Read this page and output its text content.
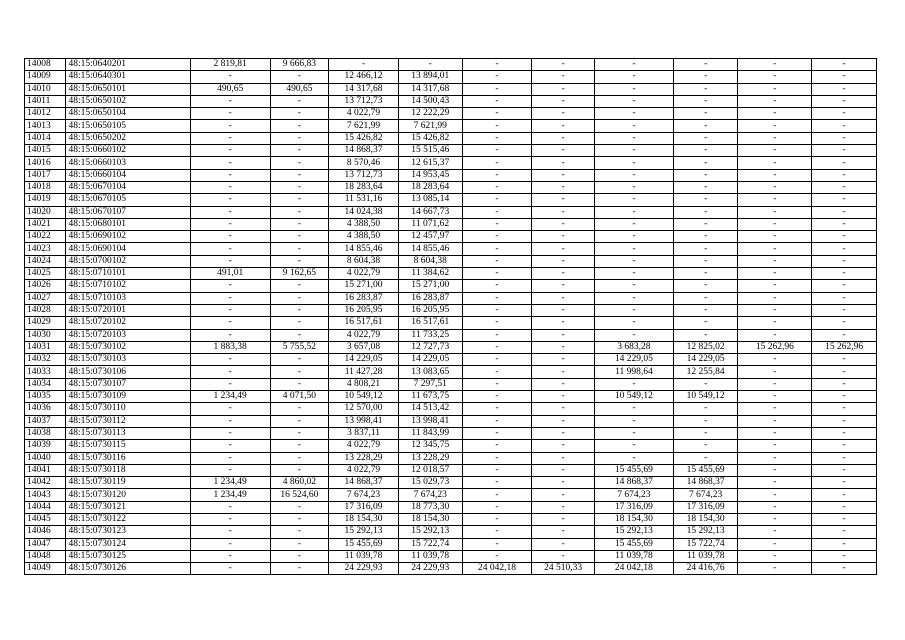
14008	48:15:0640201	2 819,81	9 666,83	-	-	-	-	-	-	-	-
14009	48:15:0640301	-	-	12 466,12	13 894,01	-	-	-	-	-	-
14010	48:15:0650101	490,65	490,65	14 317,68	14 317,68	-	-	-	-	-	-
14011	48:15:0650102	-	-	13 712,73	14 500,43	-	-	-	-	-	-
14012	48:15:0650104	-	-	4 022,79	12 222,29	-	-	-	-	-	-
14013	48:15:0650105	-	-	7 621,99	7 621,99	-	-	-	-	-	-
14014	48:15:0650202	-	-	15 426,82	15 426,82	-	-	-	-	-	-
14015	48:15:0660102	-	-	14 868,37	15 515,46	-	-	-	-	-	-
14016	48:15:0660103	-	-	8 570,46	12 615,37	-	-	-	-	-	-
14017	48:15:0660104	-	-	13 712,73	14 953,45	-	-	-	-	-	-
14018	48:15:0670104	-	-	18 283,64	18 283,64	-	-	-	-	-	-
14019	48:15:0670105	-	-	11 531,16	13 085,14	-	-	-	-	-	-
14020	48:15:0670107	-	-	14 024,38	14 667,73	-	-	-	-	-	-
14021	48:15:0680101	-	-	4 388,50	11 071,62	-	-	-	-	-	-
14022	48:15:0690102	-	-	4 388,50	12 457,97	-	-	-	-	-	-
14023	48:15:0690104	-	-	14 855,46	14 855,46	-	-	-	-	-	-
14024	48:15:0700102	-	-	8 604,38	8 604,38	-	-	-	-	-	-
14025	48:15:0710101	491,01	9 162,65	4 022,79	11 384,62	-	-	-	-	-	-
14026	48:15:0710102	-	-	15 271,00	15 271,00	-	-	-	-	-	-
14027	48:15:0710103	-	-	16 283,87	16 283,87	-	-	-	-	-	-
14028	48:15:0720101	-	-	16 205,95	16 205,95	-	-	-	-	-	-
14029	48:15:0720102	-	-	16 517,61	16 517,61	-	-	-	-	-	-
14030	48:15:0720103	-	-	4 022,79	11 733,25	-	-	-	-	-	-
14031	48:15:0730102	1 883,38	5 755,52	3 657,08	12 727,73	-	-	3 683,28	12 825,02	15 262,96	15 262,96
14032	48:15:0730103	-	-	14 229,05	14 229,05	-	-	14 229,05	14 229,05	-	-
14033	48:15:0730106	-	-	11 427,28	13 083,65	-	-	11 998,64	12 255,84	-	-
14034	48:15:0730107	-	-	4 808,21	7 297,51	-	-	-	-	-	-
14035	48:15:0730109	1 234,49	4 071,50	10 549,12	11 673,75	-	-	10 549,12	10 549,12	-	-
14036	48:15:0730110	-	-	12 570,00	14 513,42	-	-	-	-	-	-
14037	48:15:0730112	-	-	13 998,41	13 998,41	-	-	-	-	-	-
14038	48:15:0730113	-	-	3 837,11	11 843,99	-	-	-	-	-	-
14039	48:15:0730115	-	-	4 022,79	12 345,75	-	-	-	-	-	-
14040	48:15:0730116	-	-	13 228,29	13 228,29	-	-	-	-	-	-
14041	48:15:0730118	-	-	4 022,79	12 018,57	-	-	15 455,69	15 455,69	-	-
14042	48:15:0730119	1 234,49	4 860,02	14 868,37	15 029,73	-	-	14 868,37	14 868,37	-	-
14043	48:15:0730120	1 234,49	16 524,60	7 674,23	7 674,23	-	-	7 674,23	7 674,23	-	-
14044	48:15:0730121	-	-	17 316,09	18 773,30	-	-	17 316,09	17 316,09	-	-
14045	48:15:0730122	-	-	18 154,30	18 154,30	-	-	18 154,30	18 154,30	-	-
14046	48:15:0730123	-	-	15 292,13	15 292,13	-	-	15 292,13	15 292,13	-	-
14047	48:15:0730124	-	-	15 455,69	15 722,74	-	-	15 455,69	15 722,74	-	-
14048	48:15:0730125	-	-	11 039,78	11 039,78	-	-	11 039,78	11 039,78	-	-
14049	48:15:0730126	-	-	24 229,93	24 229,93	24 042,18	24 510,33	24 042,18	24 416,76	-	-
